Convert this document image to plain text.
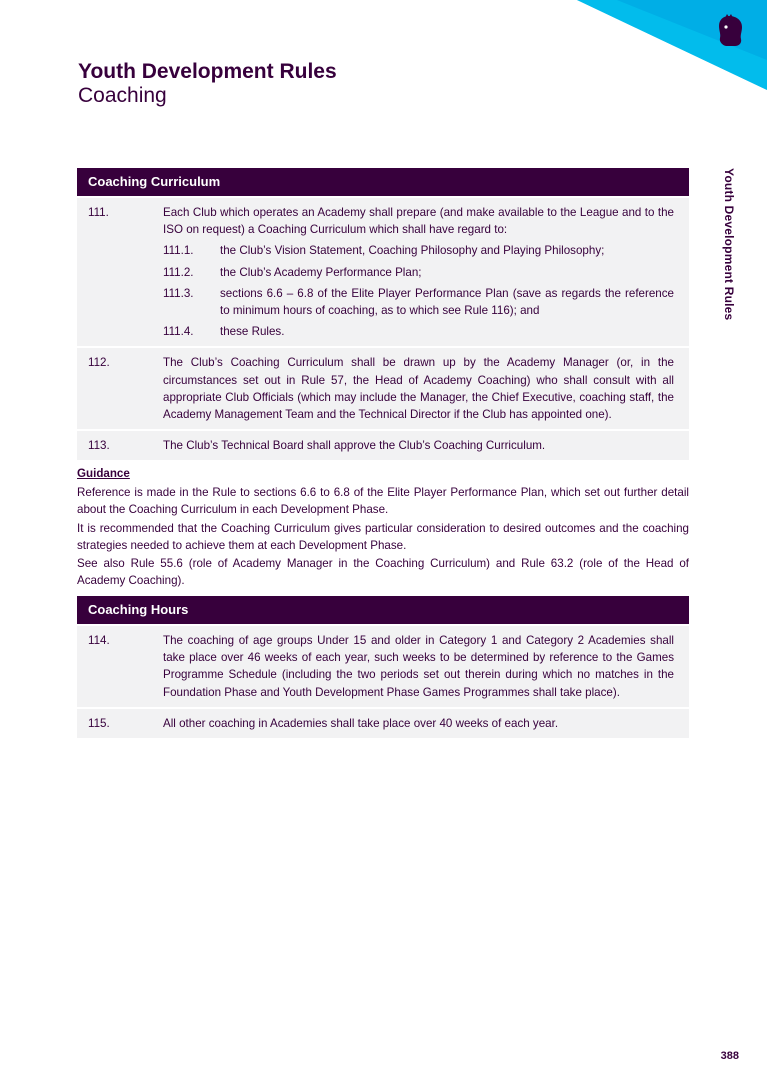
Youth Development Rules
Coaching
Youth Development Rules
Coaching Curriculum
111.	Each Club which operates an Academy shall prepare (and make available to the League and to the ISO on request) a Coaching Curriculum which shall have regard to:
111.1.	the Club’s Vision Statement, Coaching Philosophy and Playing Philosophy;
111.2.	the Club’s Academy Performance Plan;
111.3.	sections 6.6 – 6.8 of the Elite Player Performance Plan (save as regards the reference to minimum hours of coaching, as to which see Rule 116); and
111.4.	these Rules.
112.	The Club’s Coaching Curriculum shall be drawn up by the Academy Manager (or, in the circumstances set out in Rule 57, the Head of Academy Coaching) who shall consult with all appropriate Club Officials (which may include the Manager, the Chief Executive, coaching staff, the Academy Management Team and the Technical Director if the Club has appointed one).
113.	The Club’s Technical Board shall approve the Club’s Coaching Curriculum.
Guidance

Reference is made in the Rule to sections 6.6 to 6.8 of the Elite Player Performance Plan, which set out further detail about the Coaching Curriculum in each Development Phase.

It is recommended that the Coaching Curriculum gives particular consideration to desired outcomes and the coaching strategies needed to achieve them at each Development Phase.

See also Rule 55.6 (role of Academy Manager in the Coaching Curriculum) and Rule 63.2 (role of the Head of Academy Coaching).

Coaching Hours
114.	The coaching of age groups Under 15 and older in Category 1 and Category 2 Academies shall take place over 46 weeks of each year, such weeks to be determined by reference to the Games Programme Schedule (including the two periods set out therein during which no matches in the Foundation Phase and Youth Development Phase Games Programmes shall take place).
115.	All other coaching in Academies shall take place over 40 weeks of each year.
388
